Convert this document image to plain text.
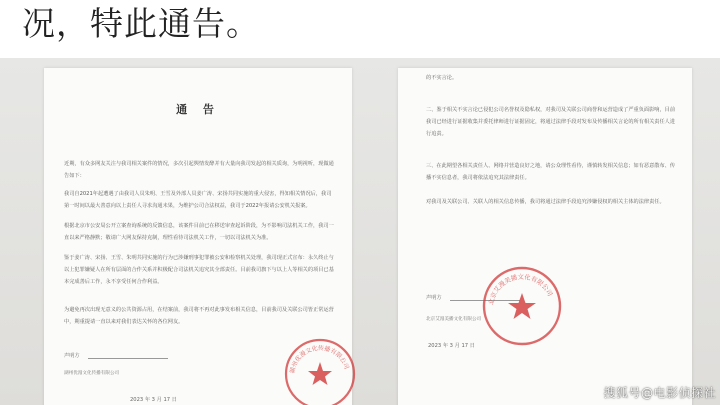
况，特此通告。
通 告
近期，有众多网友关注与我司相关案件的情况，多次引起舆情发酵并有大量向我司发起的相关质询，为明视听，现做通告如下：
我司自2021年起遭遇了由我司人员朱明、王雪及外部人员姜广涛、宋扬共同实施的重大侵害，得知相关情况后，我司第一时间以最大善意向以上责任人寻求沟通未果，为维护公司合法权益，我司于2022年报请公安机关报案。
根据北京市公安局公开立案查询系统的反馈信息，该案件目前已在移送审查起诉阶段，为不影响司法机关工作，我司一直以来严格静默；敬请广大网友保持克制，理性看待司法机关工作，一切以司法机关为准。
鉴于姜广涛、宋扬、王雪、朱明共同实施的行为已涉嫌刑事犯罪被公安和检察机关处理，我司现正式宣布：永久终止与以上犯罪嫌疑人在所有层面的合作关系并积极配合司法机关追究其全部责任。目前我司旗下与以上人等相关的项目已基本完成善后工作，永不享受任何合作利益。
为避免再次出现无意义的公共资源占用，在结案前，我司将不再对此事发布相关信息，目前我司及关联公司皆正常运营中，期重提请一直以来对我们表达关怀的各位网友。
声明方
湖州优漫文化传播有限公司
2023 年 3 月 17 日
湖州优漫文化传播有限公司
的不实言论。
二、鉴于相关不实言论已侵犯公司名誉权及隐私权，对我司及关联公司商誉和运营造成了严重负面影响，目前我司已经进行证据收集并委托律师进行证据固定，将通过法律手段对发布及传播相关言论的所有相关责任人进行追责。
三、在此期望各相关责任人、网络并营造良好之地，请公众理性看待，谨慎转发相关信息；如有恶意散布、传播不实信息者，我司将依法追究其法律责任。
对我司及关联公司、关联人的相关信息传播，我司将通过法律手段追究涉嫌侵权的相关主体的法律责任。
声明方
北京艾漫美播文化有限公司
2023 年 3 月 17 日
北京艾漫美播文化有限公司
搜狐号@电影侦探社
